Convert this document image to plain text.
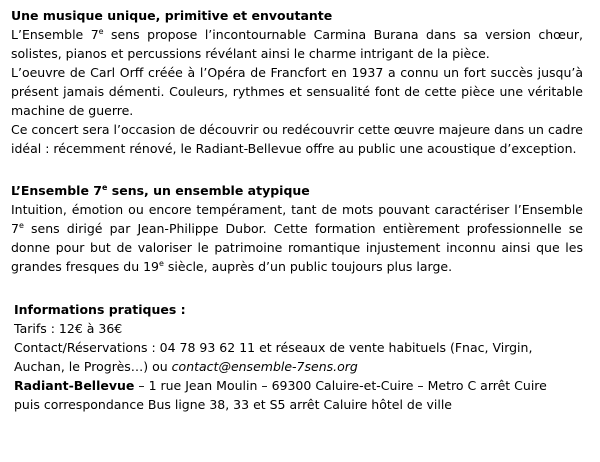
Une musique unique, primitive et envoutante

L’Ensemble 7e sens propose l’incontournable Carmina Burana dans sa version chœur, solistes, pianos et percussions révélant ainsi le charme intrigant de la pièce.

L’oeuvre de Carl Orff créée à l’Opéra de Francfort en 1937 a connu un fort succès jusqu’à présent jamais démenti. Couleurs, rythmes et sensualité font de cette pièce une véritable machine de guerre.

Ce concert sera l’occasion de découvrir ou redécouvrir cette œuvre majeure dans un cadre idéal : récemment rénové, le Radiant-Bellevue offre au public une acoustique d’exception.

L’Ensemble 7e sens, un ensemble atypique

Intuition, émotion ou encore tempérament, tant de mots pouvant caractériser l’Ensemble 7e sens dirigé par Jean-Philippe Dubor. Cette formation entièrement professionnelle se donne pour but de valoriser le patrimoine romantique injustement inconnu ainsi que les grandes fresques du 19e siècle, auprès d’un public toujours plus large.

Informations pratiques :
Tarifs : 12€ à 36€
Contact/Réservations : 04 78 93 62 11 et réseaux de vente habituels (Fnac, Virgin,
Auchan, le Progrès…) ou contact@ensemble-7sens.org
Radiant-Bellevue – 1 rue Jean Moulin – 69300 Caluire-et-Cuire – Metro C arrêt Cuire
puis correspondance Bus ligne 38, 33 et S5 arrêt Caluire hôtel de ville
